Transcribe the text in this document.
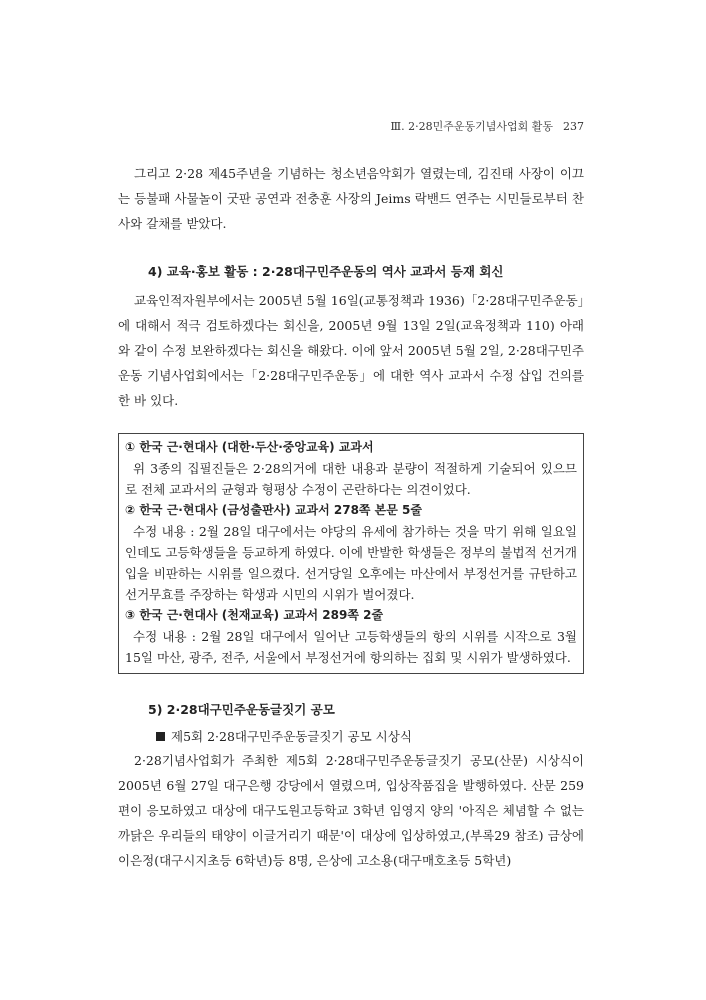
Ⅲ. 2·28민주운동기념사업회 활동 237

그리고 2·28 제45주년을 기념하는 청소년음악회가 열렸는데, 김진태 사장이 이끄는 등불패 사물놀이 굿판 공연과 전충훈 사장의 Jeims 락밴드 연주는 시민들로부터 찬사와 갈채를 받았다.

4) 교육·홍보 활동 : 2·28대구민주운동의 역사 교과서 등재 회신

교육인적자원부에서는 2005년 5월 16일(교통정책과 1936)「2·28대구민주운동」에 대해서 적극 검토하겠다는 회신을, 2005년 9월 13일 2일(교육정책과 110) 아래와 같이 수정 보완하겠다는 회신을 해왔다. 이에 앞서 2005년 5월 2일, 2·28대구민주운동 기념사업회에서는「2·28대구민주운동」에 대한 역사 교과서 수정 삽입 건의를 한 바 있다.

① 한국 근·현대사 (대한·두산·중앙교육) 교과서

위 3종의 집필진들은 2·28의거에 대한 내용과 분량이 적절하게 기술되어 있으므로 전체 교과서의 균형과 형평상 수정이 곤란하다는 의견이었다.

② 한국 근·현대사 (금성출판사) 교과서 278쪽 본문 5줄

수정 내용 : 2월 28일 대구에서는 야당의 유세에 참가하는 것을 막기 위해 일요일인데도 고등학생들을 등교하게 하였다. 이에 반발한 학생들은 정부의 불법적 선거개입을 비판하는 시위를 일으켰다. 선거당일 오후에는 마산에서 부정선거를 규탄하고 선거무효를 주장하는 학생과 시민의 시위가 벌어졌다.

③ 한국 근·현대사 (천재교육) 교과서 289쪽 2줄

수정 내용 : 2월 28일 대구에서 일어난 고등학생들의 항의 시위를 시작으로 3월 15일 마산, 광주, 전주, 서울에서 부정선거에 항의하는 집회 및 시위가 발생하였다.

5) 2·28대구민주운동글짓기 공모

제5회 2·28대구민주운동글짓기 공모 시상식

2·28기념사업회가 주최한 제5회 2·28대구민주운동글짓기 공모(산문) 시상식이 2005년 6월 27일 대구은행 강당에서 열렸으며, 입상작품집을 발행하였다. 산문 259편이 응모하였고 대상에 대구도원고등학교 3학년 임영지 양의 '아직은 체념할 수 없는 까닭은 우리들의 태양이 이글거리기 때문'이 대상에 입상하였고,(부록29 참조) 금상에 이은정(대구시지초등 6학년)등 8명, 은상에 고소용(대구매호초등 5학년)
